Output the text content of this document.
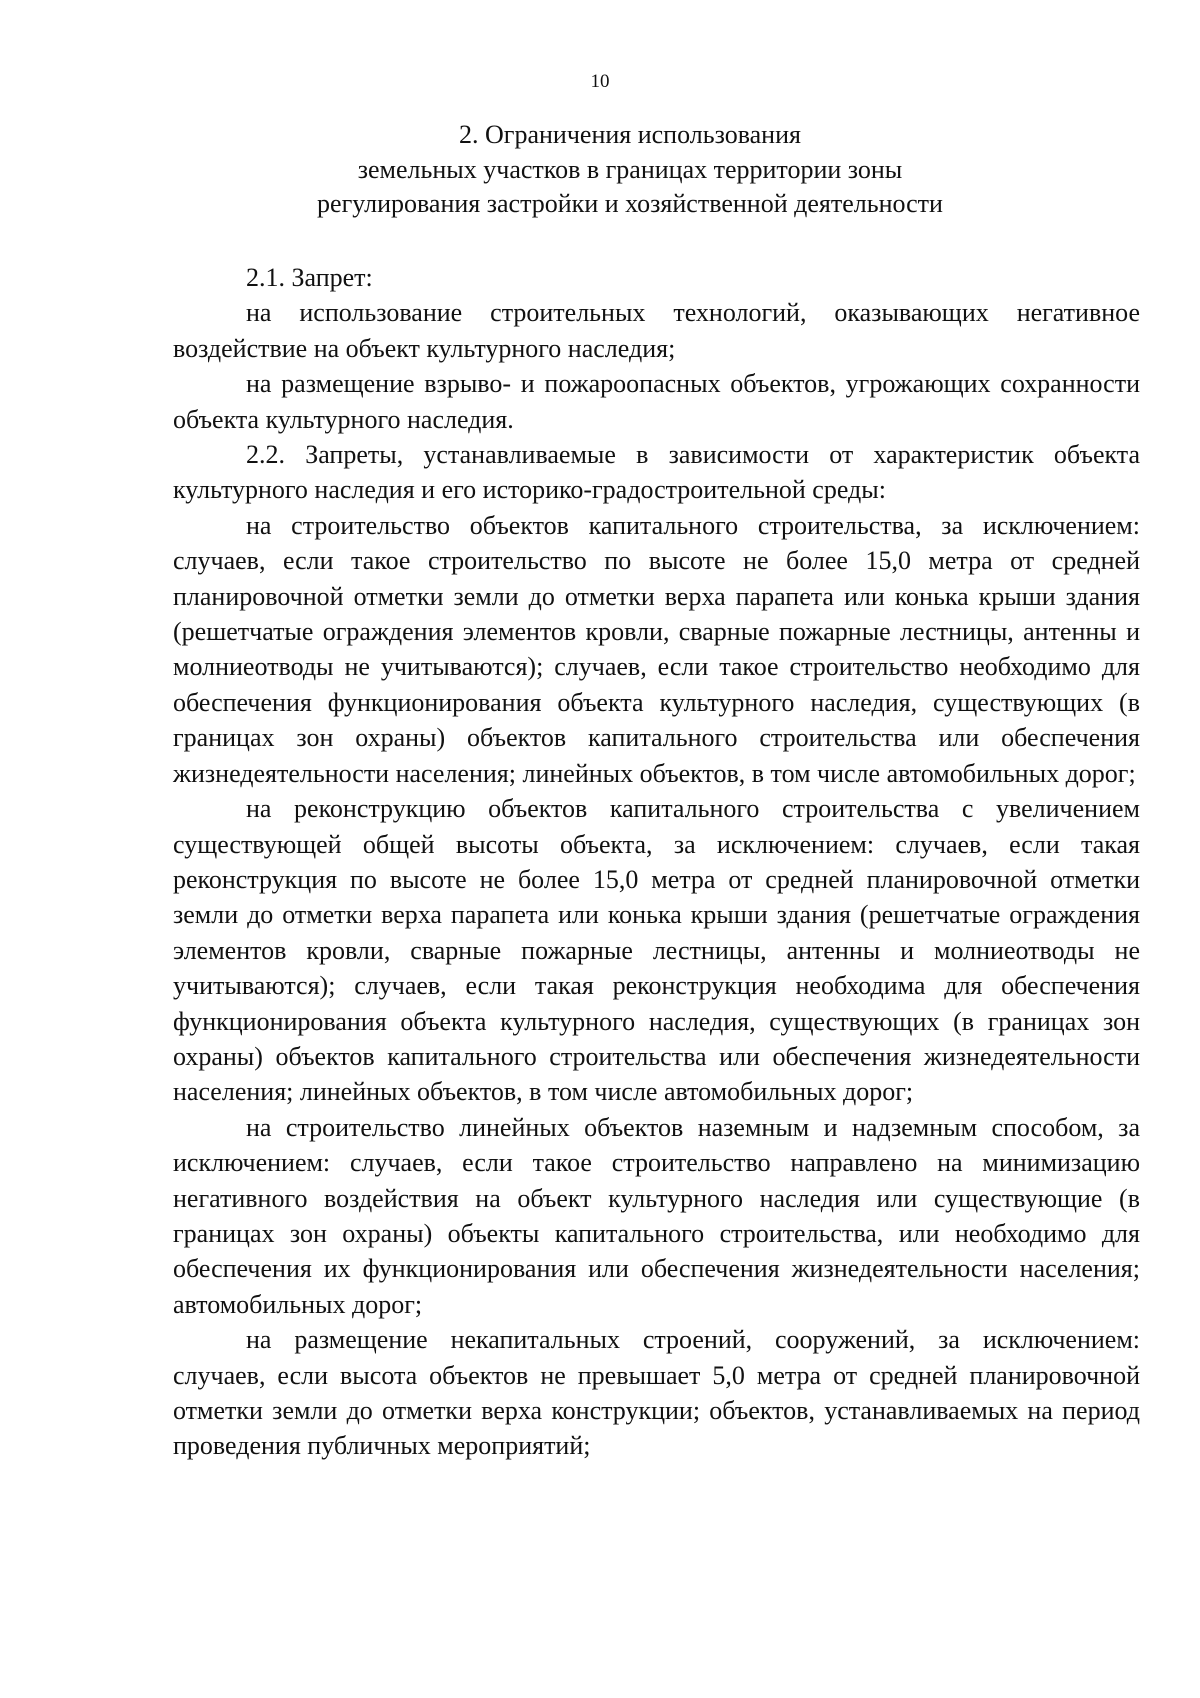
10
2. Ограничения использования
земельных участков в границах территории зоны
регулирования застройки и хозяйственной деятельности

2.1. Запрет:

на использование строительных технологий, оказывающих негативное воздействие на объект культурного наследия;

на размещение взрыво- и пожароопасных объектов, угрожающих сохранности объекта культурного наследия.

2.2. Запреты, устанавливаемые в зависимости от характеристик объекта культурного наследия и его историко-градостроительной среды:

на строительство объектов капитального строительства, за исключением: случаев, если такое строительство по высоте не более 15,0 метра от средней планировочной отметки земли до отметки верха парапета или конька крыши здания (решетчатые ограждения элементов кровли, сварные пожарные лестницы, антенны и молниеотводы не учитываются); случаев, если такое строительство необходимо для обеспечения функционирования объекта культурного наследия, существующих (в границах зон охраны) объектов капитального строительства или обеспечения жизнедеятельности населения; линейных объектов, в том числе автомобильных дорог;

на реконструкцию объектов капитального строительства с увеличением существующей общей высоты объекта, за исключением: случаев, если такая реконструкция по высоте не более 15,0 метра от средней планировочной отметки земли до отметки верха парапета или конька крыши здания (решетчатые ограждения элементов кровли, сварные пожарные лестницы, антенны и молниеотводы не учитываются); случаев, если такая реконструкция необходима для обеспечения функционирования объекта культурного наследия, существующих (в границах зон охраны) объектов капитального строительства или обеспечения жизнедеятельности населения; линейных объектов, в том числе автомобильных дорог;

на строительство линейных объектов наземным и надземным способом, за исключением: случаев, если такое строительство направлено на минимизацию негативного воздействия на объект культурного наследия или существующие (в границах зон охраны) объекты капитального строительства, или необходимо для обеспечения их функционирования или обеспечения жизнедеятельности населения; автомобильных дорог;

на размещение некапитальных строений, сооружений, за исключением: случаев, если высота объектов не превышает 5,0 метра от средней планировочной отметки земли до отметки верха конструкции; объектов, устанавливаемых на период проведения публичных мероприятий;
